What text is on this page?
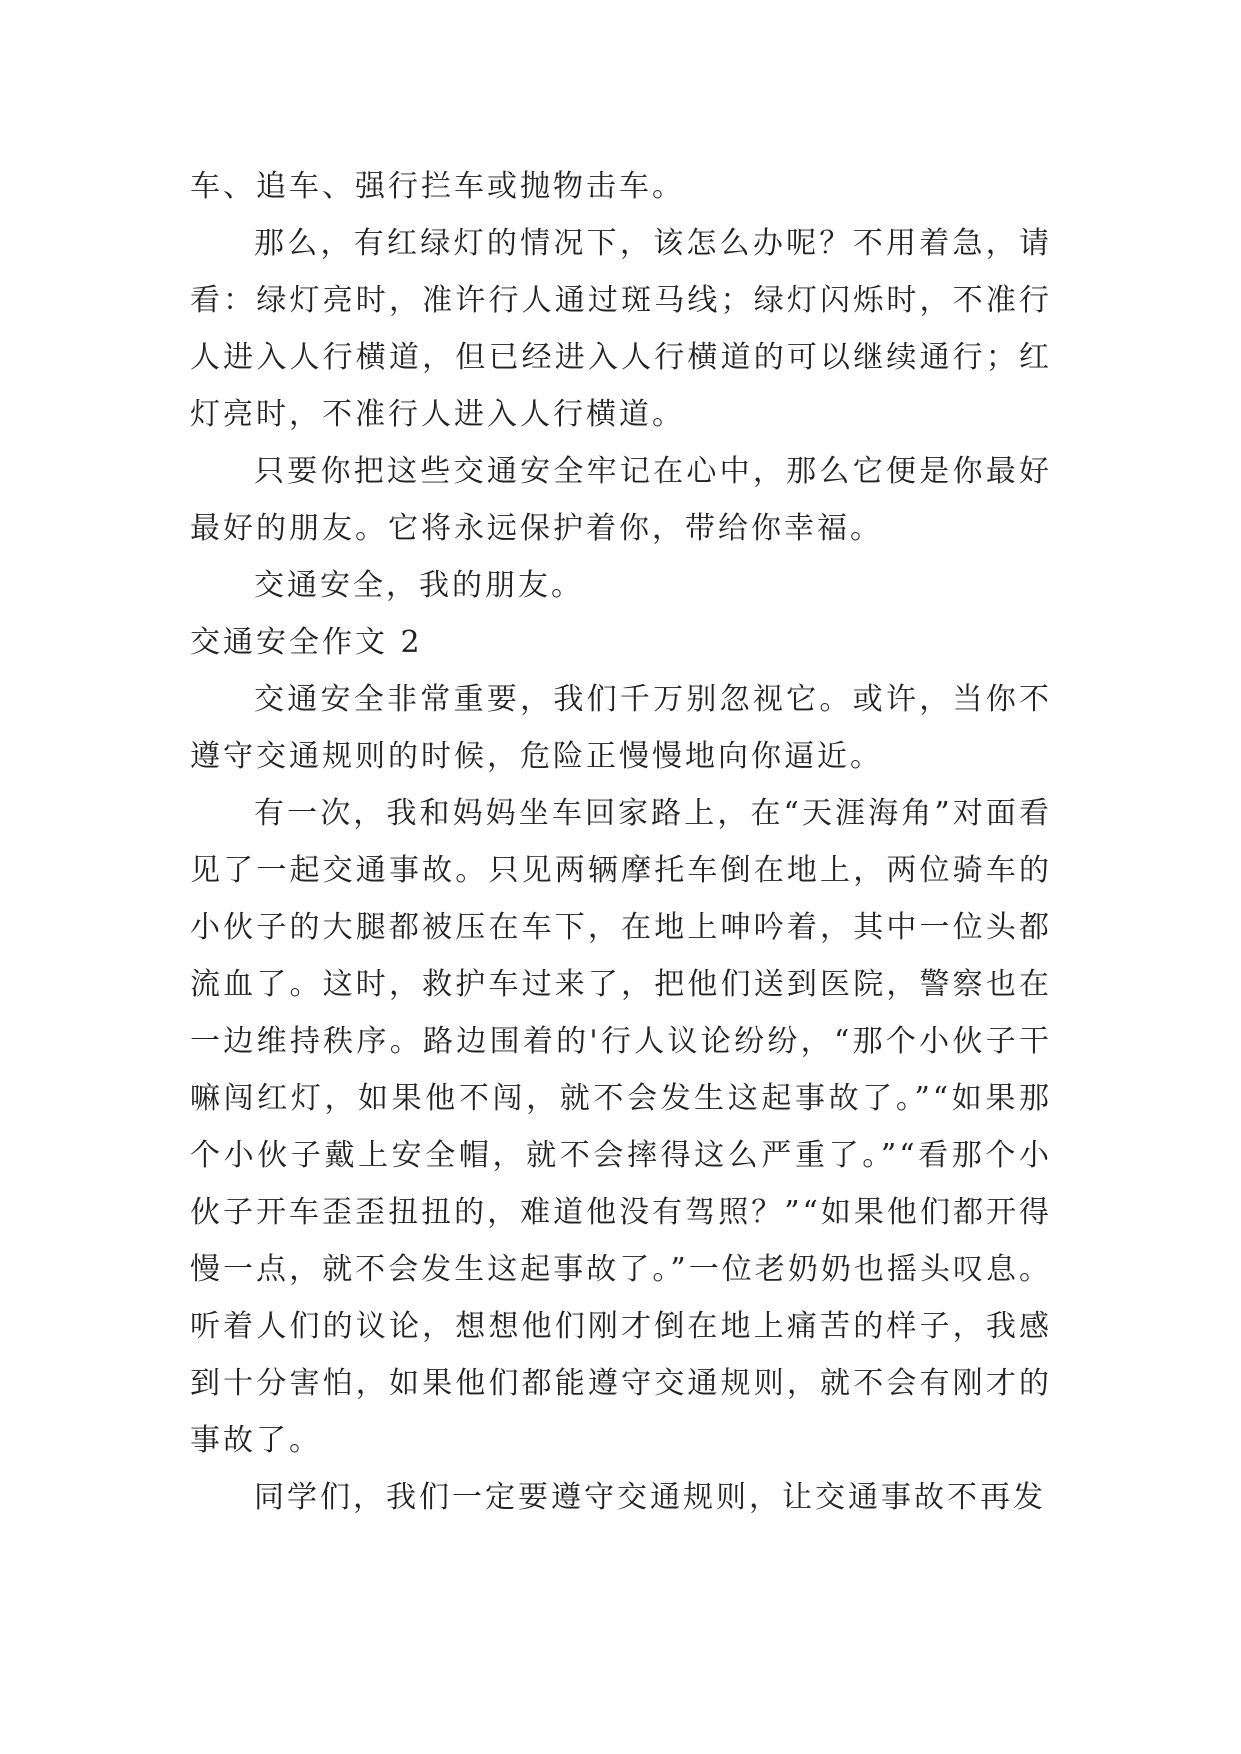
车、追车、强行拦车或抛物击车。

那么，有红绿灯的情况下，该怎么办呢？不用着急，请看：绿灯亮时，准许行人通过斑马线；绿灯闪烁时，不准行人进入人行横道，但已经进入人行横道的可以继续通行；红灯亮时，不准行人进入人行横道。

只要你把这些交通安全牢记在心中，那么它便是你最好最好的朋友。它将永远保护着你，带给你幸福。

交通安全，我的朋友。

交通安全作文 2

交通安全非常重要，我们千万别忽视它。或许，当你不遵守交通规则的时候，危险正慢慢地向你逼近。

有一次，我和妈妈坐车回家路上，在“天涯海角”对面看见了一起交通事故。只见两辆摩托车倒在地上，两位骑车的小伙子的大腿都被压在车下，在地上呻吟着，其中一位头都流血了。这时，救护车过来了，把他们送到医院，警察也在一边维持秩序。路边围着的'行人议论纷纷，“那个小伙子干嘛闯红灯，如果他不闯，就不会发生这起事故了。”“如果那个小伙子戴上安全帽，就不会摔得这么严重了。”“看那个小伙子开车歪歪扭扭的，难道他没有驾照？”“如果他们都开得慢一点，就不会发生这起事故了。”一位老奶奶也摇头叹息。听着人们的议论，想想他们刚才倒在地上痛苦的样子，我感到十分害怕，如果他们都能遵守交通规则，就不会有刚才的事故了。

同学们，我们一定要遵守交通规则，让交通事故不再发
